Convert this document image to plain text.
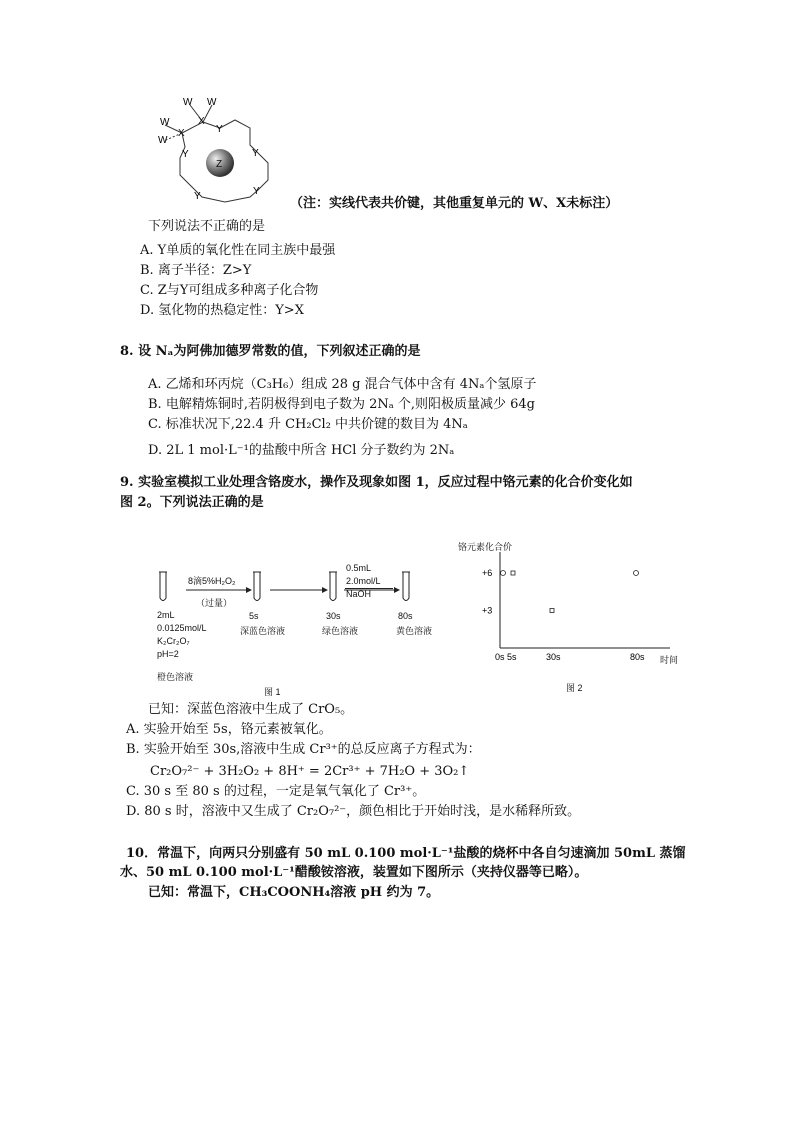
W W
W
W
X
X	Y
Y
Y
Y
Y
Z
（注：实线代表共价键，其他重复单元的 W、X未标注）
下列说法不正确的是
A. Y单质的氧化性在同主族中最强
B. 离子半径：Z>Y
C. Z与Y可组成多种离子化合物
D. 氢化物的热稳定性：Y>X
8. 设 Nₐ为阿佛加德罗常数的值，下列叙述正确的是
A. 乙烯和环丙烷（C₃H₆）组成 28 g 混合气体中含有 4Nₐ个氢原子
B. 电解精炼铜时,若阴极得到电子数为 2Nₐ 个,则阳极质量减少 64g
C. 标准状况下,22.4 升 CH₂Cl₂ 中共价键的数目为 4Nₐ
D. 2L 1 mol·L⁻¹的盐酸中所含 HCl 分子数约为 2Nₐ
9. 实验室模拟工业处理含铬废水，操作及现象如图 1，反应过程中铬元素的化合价变化如
图 2。下列说法正确的是
8滴5%H₂O₂
（过量）
2mL
0.0125mol/L
K₂Cr₂O₇
pH=2
橙色溶液
5s
深蓝色溶液
0.5mL
2.0mol/L
NaOH
30s
绿色溶液
80s
黄色溶液
图 1
铬元素化合价
0s 5s	30s	80s
+6
+3
时间
图 2
已知：深蓝色溶液中生成了 CrO₅。
A. 实验开始至 5s，铬元素被氧化。
B. 实验开始至 30s,溶液中生成 Cr³⁺的总反应离子方程式为：
Cr₂O₇²⁻ + 3H₂O₂ + 8H⁺ = 2Cr³⁺ + 7H₂O + 3O₂↑
C. 30 s 至 80 s 的过程，一定是氧气氧化了 Cr³⁺。
D. 80 s 时，溶液中又生成了 Cr₂O₇²⁻，颜色相比于开始时浅，是水稀释所致。
10．常温下，向两只分别盛有 50 mL 0.100 mol·L⁻¹盐酸的烧杯中各自匀速滴加 50mL 蒸馏
水、50 mL 0.100 mol·L⁻¹醋酸铵溶液，装置如下图所示（夹持仪器等已略）。
已知：常温下，CH₃COONH₄溶液 pH 约为 7。
